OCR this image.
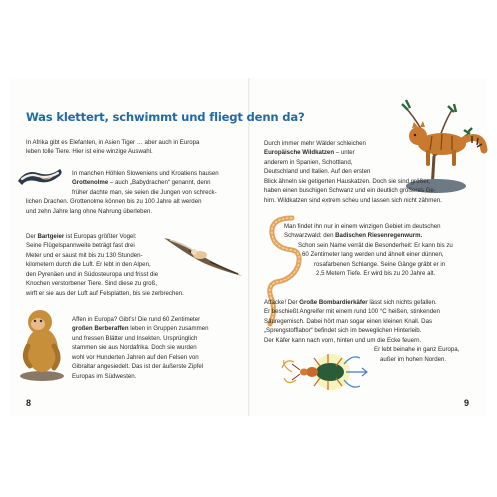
Was klettert, schwimmt und fliegt denn da?

In Afrika gibt es Elefanten, in Asien Tiger … aber auch in Europa

leben tolle Tiere. Hier ist eine winzige Auswahl.

In manchen Höhlen Sloweniens und Kroatiens hausen

Grottenolme – auch „Babydrachen“ genannt, denn

früher dachte man, sie seien die Jungen von schreck-

lichen Drachen. Grottenolme können bis zu 100 Jahre alt werden

und zehn Jahre lang ohne Nahrung überleben.

Der Bartgeier ist Europas größter Vogel:

Seine Flügelspannweite beträgt fast drei

Meter und er saust mit bis zu 130 Stunden-

kilometern durch die Luft. Er lebt in den Alpen,

den Pyrenäen und in Südosteuropa und frisst die

Knochen verstorbener Tiere. Sind diese zu groß,

wirft er sie aus der Luft auf Felsplatten, bis sie zerbrechen.

Affen in Europa? Gibt’s! Die rund 60 Zentimeter

großen Berberaffen leben in Gruppen zusammen

und fressen Blätter und Insekten. Ursprünglich

stammen sie aus Nordafrika. Doch sie wurden

wohl vor Hunderten Jahren auf den Felsen von

Gibraltar angesiedelt. Das ist der äußerste Zipfel

Europas im Südwesten.

8

Durch immer mehr Wälder schleichen

Europäische Wildkatzen – unter

anderem in Spanien, Schottland,

Deutschland und Italien. Auf den ersten

Blick ähneln sie getigerten Hauskatzen. Doch sie sind größer,

haben einen buschigen Schwanz und ein deutlich größeres Ge-

hirn. Wildkatzen sind extrem scheu und lassen sich nicht zähmen.

Man findet ihn nur in einem winzigen Gebiet im deutschen

Schwarzwald: den Badischen Riesenregenwurm.

Schon sein Name verrät die Besonderheit: Er kann bis zu

60 Zentimeter lang werden und ähnelt einer dünnen,

rosafarbenen Schlange. Seine Gänge gräbt er in

2,5 Metern Tiefe. Er wird bis zu 20 Jahre alt.

Attacke! Der Große Bombardierkäfer lässt sich nichts gefallen.

Er beschießt Angreifer mit einem rund 100 °C heißen, stinkenden

Säuregemisch. Dabei hört man sogar einen kleinen Knall. Das

„Sprengstofflabor“ befindet sich im beweglichen Hinterleib.

Der Käfer kann nach vorn, hinten und um die Ecke feuern.

Er lebt beinahe in ganz Europa,

außer im hohen Norden.

9
